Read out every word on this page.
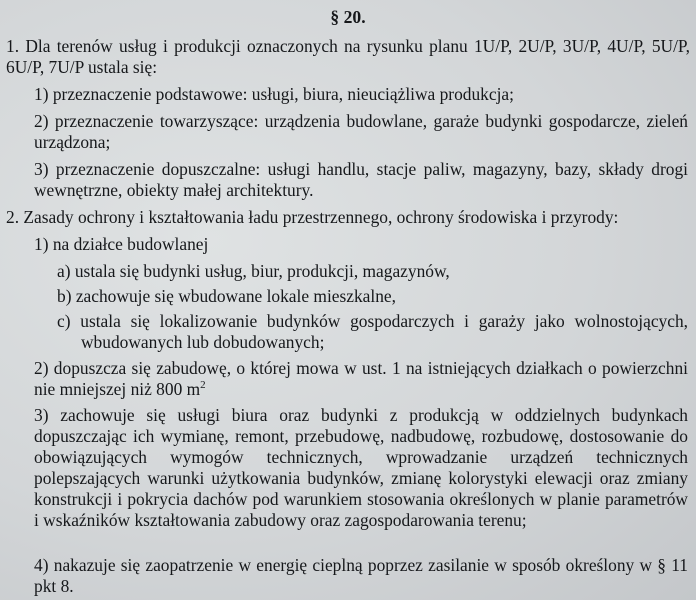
§ 20.

1. Dla terenów usług i produkcji oznaczonych na rysunku planu 1U/P, 2U/P, 3U/P, 4U/P, 5U/P, 6U/P, 7U/P ustala się:

1) przeznaczenie podstawowe: usługi, biura, nieuciążliwa produkcja;

2) przeznaczenie towarzyszące: urządzenia budowlane, garaże budynki gospodarcze, zieleń urządzona;

3) przeznaczenie dopuszczalne: usługi handlu, stacje paliw, magazyny, bazy, składy drogi wewnętrzne, obiekty małej architektury.

2. Zasady ochrony i kształtowania ładu przestrzennego, ochrony środowiska i przyrody:

1) na działce budowlanej

a) ustala się budynki usług, biur, produkcji, magazynów,

b) zachowuje się wbudowane lokale mieszkalne,

c) ustala się lokalizowanie budynków gospodarczych i garaży jako wolnostojących, wbudowanych lub dobudowanych;

2) dopuszcza się zabudowę, o której mowa w ust. 1 na istniejących działkach o powierzchni nie mniejszej niż 800 $m^2$

3) zachowuje się usługi biura oraz budynki z produkcją w oddzielnych budynkach dopuszczając ich wymianę, remont, przebudowę, nadbudowę, rozbudowę, dostosowanie do obowiązujących wymogów technicznych, wprowadzanie urządzeń technicznych polepszających warunki użytkowania budynków, zmianę kolorystyki elewacji oraz zmiany konstrukcji i pokrycia dachów pod warunkiem stosowania określonych w planie parametrów i wskaźników kształtowania zabudowy oraz zagospodarowania terenu;

4) nakazuje się zaopatrzenie w energię cieplną poprzez zasilanie w sposób określony w § 11 pkt 8.
